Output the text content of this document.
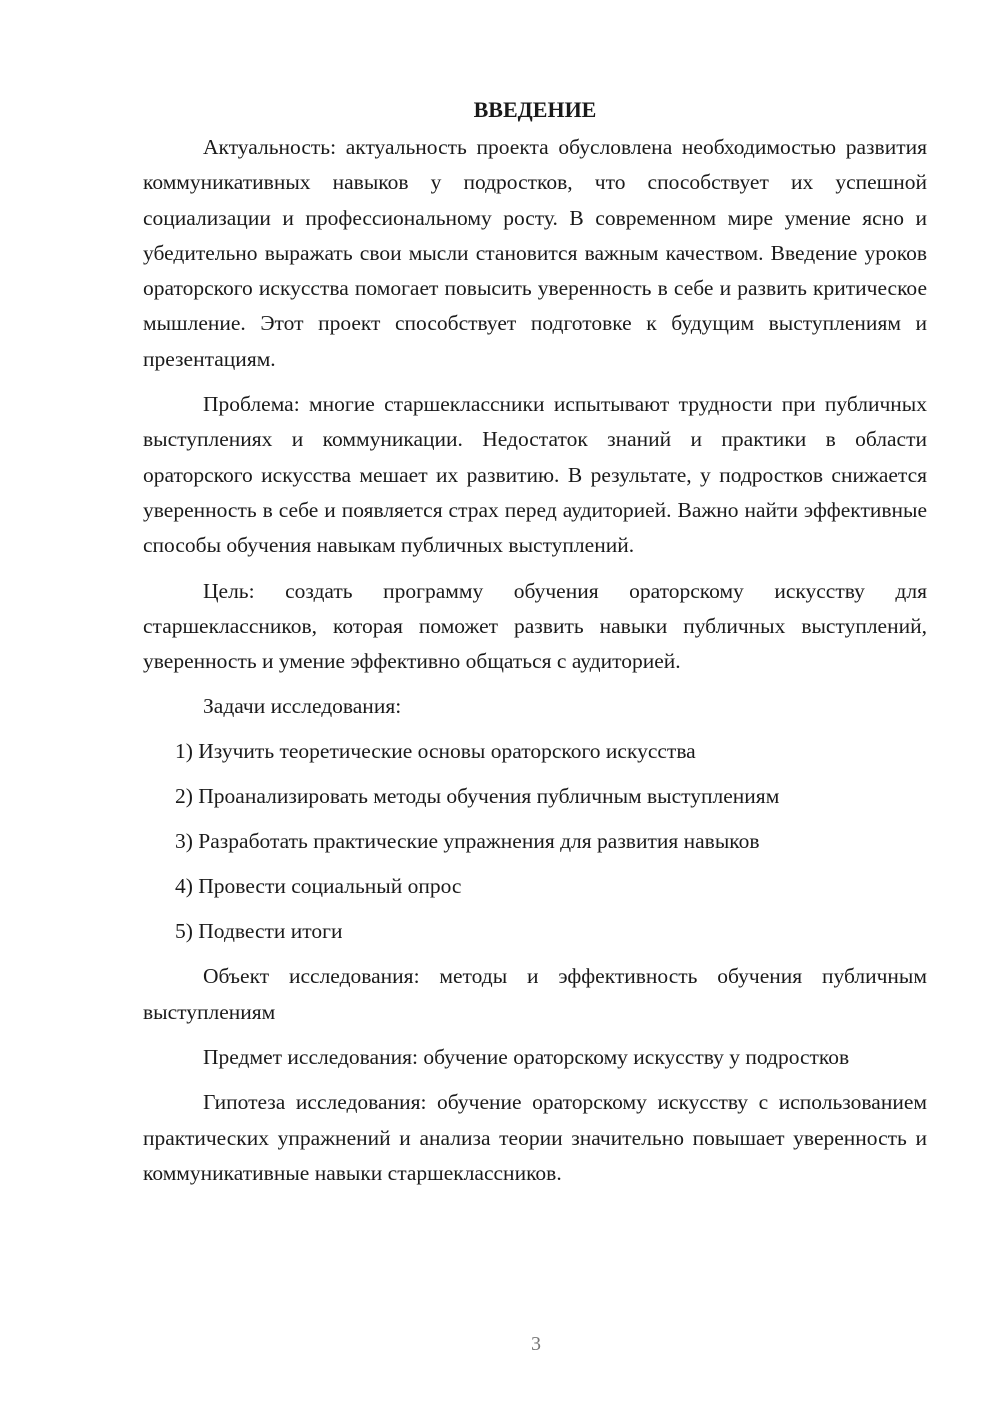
ВВЕДЕНИЕ

Актуальность: актуальность проекта обусловлена необходимостью развития коммуникативных навыков у подростков, что способствует их успешной социализации и профессиональному росту. В современном мире умение ясно и убедительно выражать свои мысли становится важным качеством. Введение уроков ораторского искусства помогает повысить уверенность в себе и развить критическое мышление. Этот проект способствует подготовке к будущим выступлениям и презентациям.

Проблема: многие старшеклассники испытывают трудности при публичных выступлениях и коммуникации. Недостаток знаний и практики в области ораторского искусства мешает их развитию. В результате, у подростков снижается уверенность в себе и появляется страх перед аудиторией. Важно найти эффективные способы обучения навыкам публичных выступлений.

Цель: создать программу обучения ораторскому искусству для старшеклассников, которая поможет развить навыки публичных выступлений, уверенность и умение эффективно общаться с аудиторией.

Задачи исследования:

1) Изучить теоретические основы ораторского искусства
2) Проанализировать методы обучения публичным выступлениям
3) Разработать практические упражнения для развития навыков
4) Провести социальный опрос
5) Подвести итоги

Объект исследования: методы и эффективность обучения публичным выступлениям

Предмет исследования: обучение ораторскому искусству у подростков

Гипотеза исследования: обучение ораторскому искусству с использованием практических упражнений и анализа теории значительно повышает уверенность и коммуникативные навыки старшеклассников.

3
